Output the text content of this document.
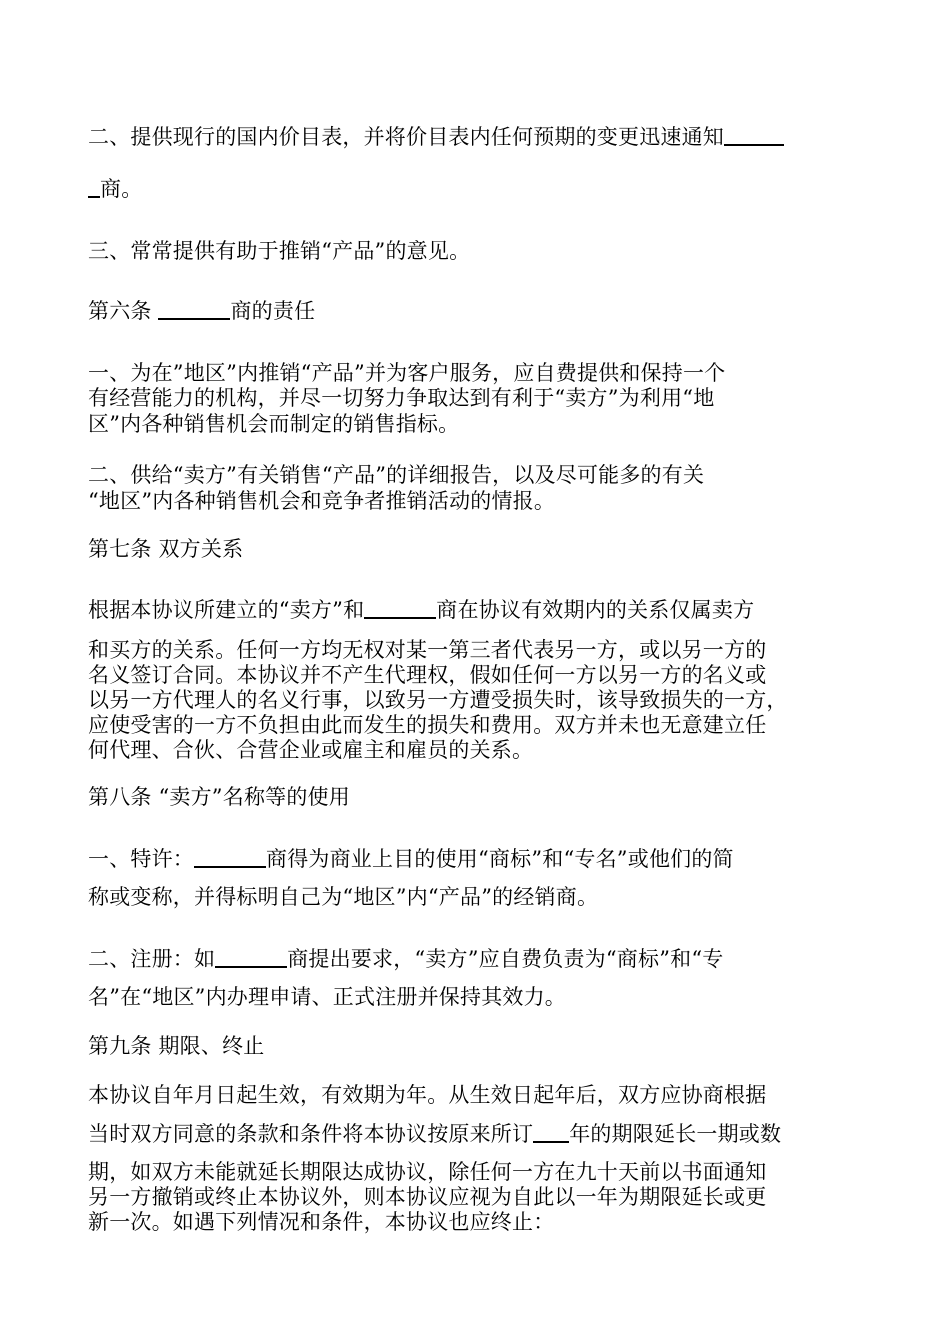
二、提供现行的国内价目表，并将价目表内任何预期的变更迅速通知
商。
三、常常提供有助于推销“产品”的意见。
第六条	商的责任
一、为在”地区”内推销“产品”并为客户服务，应自费提供和保持一个
有经营能力的机构，并尽一切努力争取达到有利于“卖方”为利用“地
区”内各种销售机会而制定的销售指标。
二、供给“卖方”有关销售“产品”的详细报告，以及尽可能多的有关
“地区”内各种销售机会和竞争者推销活动的情报。
第七条 双方关系
根据本协议所建立的“卖方”和	商在协议有效期内的关系仅属卖方
和买方的关系。任何一方均无权对某一第三者代表另一方，或以另一方的
名义签订合同。本协议并不产生代理权，假如任何一方以另一方的名义或
以另一方代理人的名义行事，以致另一方遭受损失时，该导致损失的一方，
应使受害的一方不负担由此而发生的损失和费用。双方并未也无意建立任
何代理、合伙、合营企业或雇主和雇员的关系。
第八条 “卖方”名称等的使用
一、特许：	商得为商业上目的使用“商标”和“专名”或他们的简
称或变称，并得标明自己为“地区”内“产品”的经销商。
二、注册：如	商提出要求，“卖方”应自费负责为“商标”和“专
名”在“地区”内办理申请、正式注册并保持其效力。
第九条 期限、终止
本协议自年月日起生效，有效期为年。从生效日起年后，双方应协商根据
当时双方同意的条款和条件将本协议按原来所订 年的期限延长一期或数
期，如双方未能就延长期限达成协议，除任何一方在九十天前以书面通知
另一方撤销或终止本协议外，则本协议应视为自此以一年为期限延长或更
新一次。如遇下列情况和条件，本协议也应终止：
